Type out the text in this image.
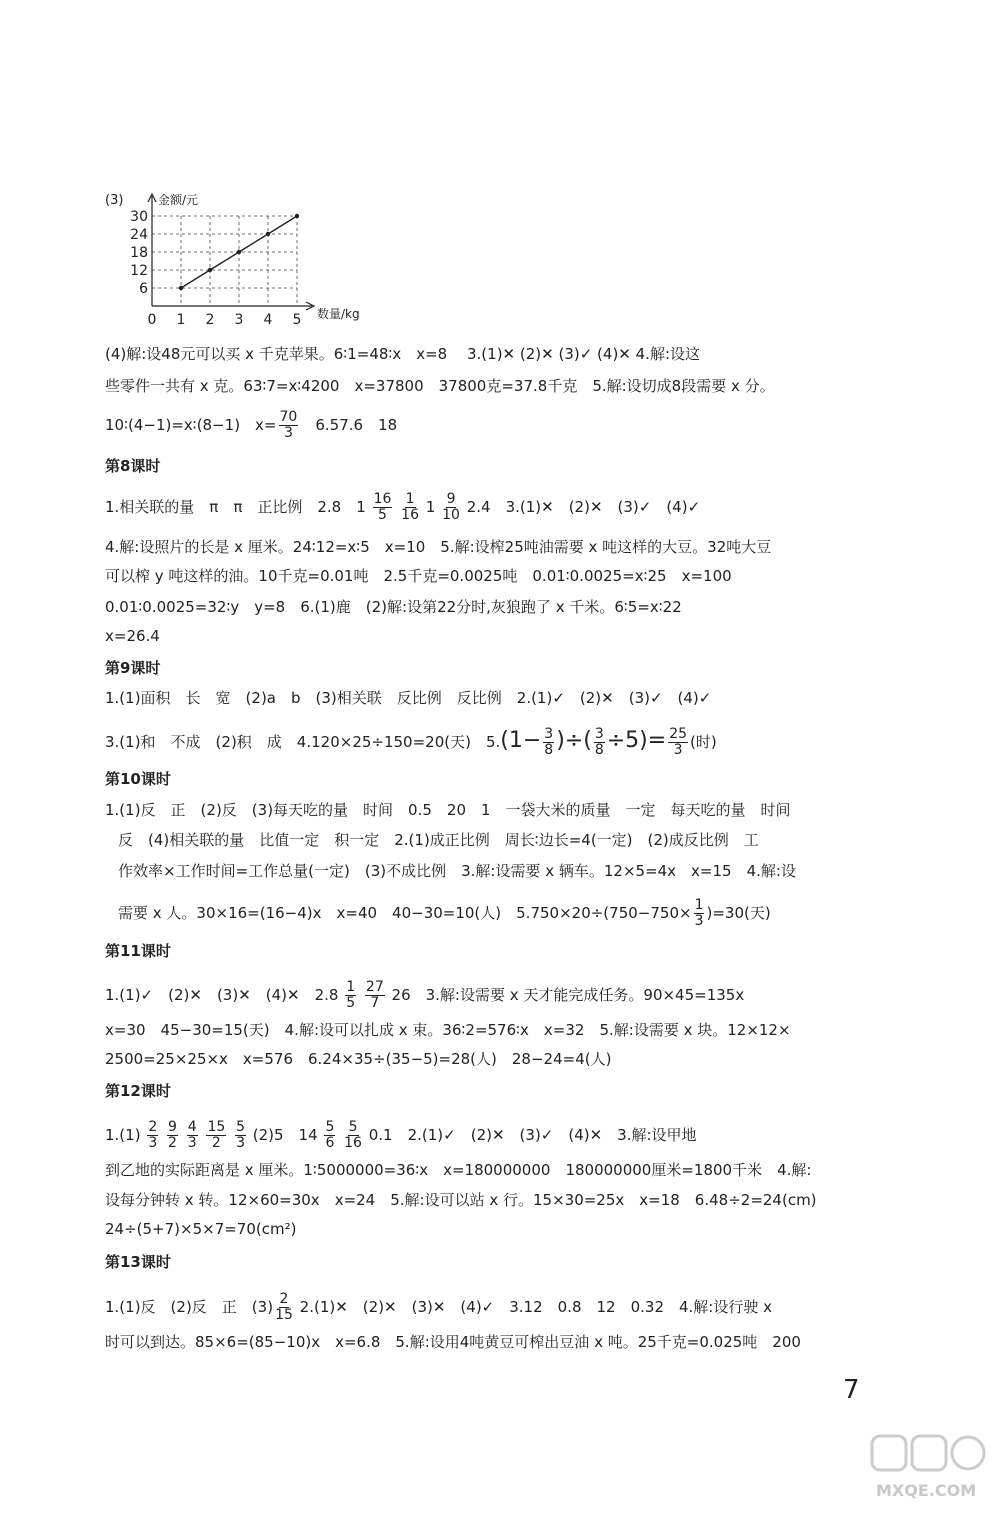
(3)	金额/元
数量/kg
6
12
18
24
30
0 1 2 3 4 5
(4)解:设48元可以买 x 千克苹果。6∶1=48∶x　x=8　 3.(1)✕ (2)✕ (3)✓ (4)✕ 4.解:设这
些零件一共有 x 克。63∶7=x∶4200　x=37800　37800克=37.8千克　5.解:设切成8段需要 x 分。
10∶(4−1)=x∶(8−1)　$x= \frac{70}{3}$ 　6.57.6　18
第8课时
1.相关联的量　π　π　正比例　2.8　$1 \frac{16}{5}$
$\frac{1}{16} 1 \frac{9}{10} 2.4$　3.(1)✕　(2)✕　(3)✓　(4)✓
4.解:设照片的长是 x 厘米。24∶12=x∶5　x=10　5.解:设榨25吨油需要 x 吨这样的大豆。32吨大豆
可以榨 y 吨这样的油。10千克=0.01吨　2.5千克=0.0025吨　0.01∶0.0025=x∶25　x=100
0.01∶0.0025=32∶y　y=8　6.(1)鹿　(2)解:设第22分时,灰狼跑了 x 千米。6∶5=x∶22
x=26.4
第9课时
1.(1)面积　长　宽　(2)a　b　(3)相关联　反比例　反比例　2.(1)✓　(2)✕　(3)✓　(4)✓
3.(1)和　不成　(2)积　成　4.120×25÷150=20(天)　$5.(1- \frac{3}{8}$ )÷( $\frac{3}{8} \div 5)= \frac{25}{3}$ (时)
第10课时
1.(1)反　正　(2)反　(3)每天吃的量　时间　0.5　20　1　一袋大米的质量　一定　每天吃的量　时间
反　(4)相关联的量　比值一定　积一定　2.(1)成正比例　周长∶边长=4(一定)　(2)成反比例　工
作效率×工作时间=工作总量(一定)　(3)不成比例　3.解:设需要 x 辆车。12×5=4x　x=15　4.解:设
需要 x 人。30×16=(16−4)x　x=40　40−30=10(人)　$5.750\times 20\div(750-750\times \frac{1}{3} )=30$(天)
第11课时
1.(1)✓　(2)✕　(3)✕　(4)✕　$2.8 \frac{1}{5}$
$\frac{27}{7} 26$　3.解:设需要 x 天才能完成任务。90×45=135x
x=30　45−30=15(天)　4.解:设可以扎成 x 束。36∶2=576∶x　x=32　5.解:设需要 x 块。12×12×
2500=25×25×x　x=576　6.24×35÷(35−5)=28(人)　28−24=4(人)
第12课时
$1.(1) \frac{2}{3}$
$\frac{9}{2}$
$\frac{4}{3}$
$\frac{15}{2}$
$\frac{5}{3} (2)5$　$14 \frac{5}{6}$
$\frac{5}{16} 0.1$　2.(1)✓　(2)✕　(3)✓　(4)✕　3.解:设甲地
到乙地的实际距离是 x 厘米。1∶5000000=36∶x　x=180000000　180000000厘米=1800千米　4.解:
设每分钟转 x 转。12×60=30x　x=24　5.解:设可以站 x 行。15×30=25x　x=18　6.48÷2=24(cm)
24÷(5+7)×5×7=70(cm²)
第13课时
1.(1)反　(2)反　正　$(3) \frac{2}{15}$ 2.(1)✕　(2)✕　(3)✕　(4)✓　3.12　0.8　12　0.32　4.解:设行驶 x
时可以到达。85×6=(85−10)x　x=6.8　5.解:设用4吨黄豆可榨出豆油 x 吨。25千克=0.025吨　200
7
MXQE.COM
